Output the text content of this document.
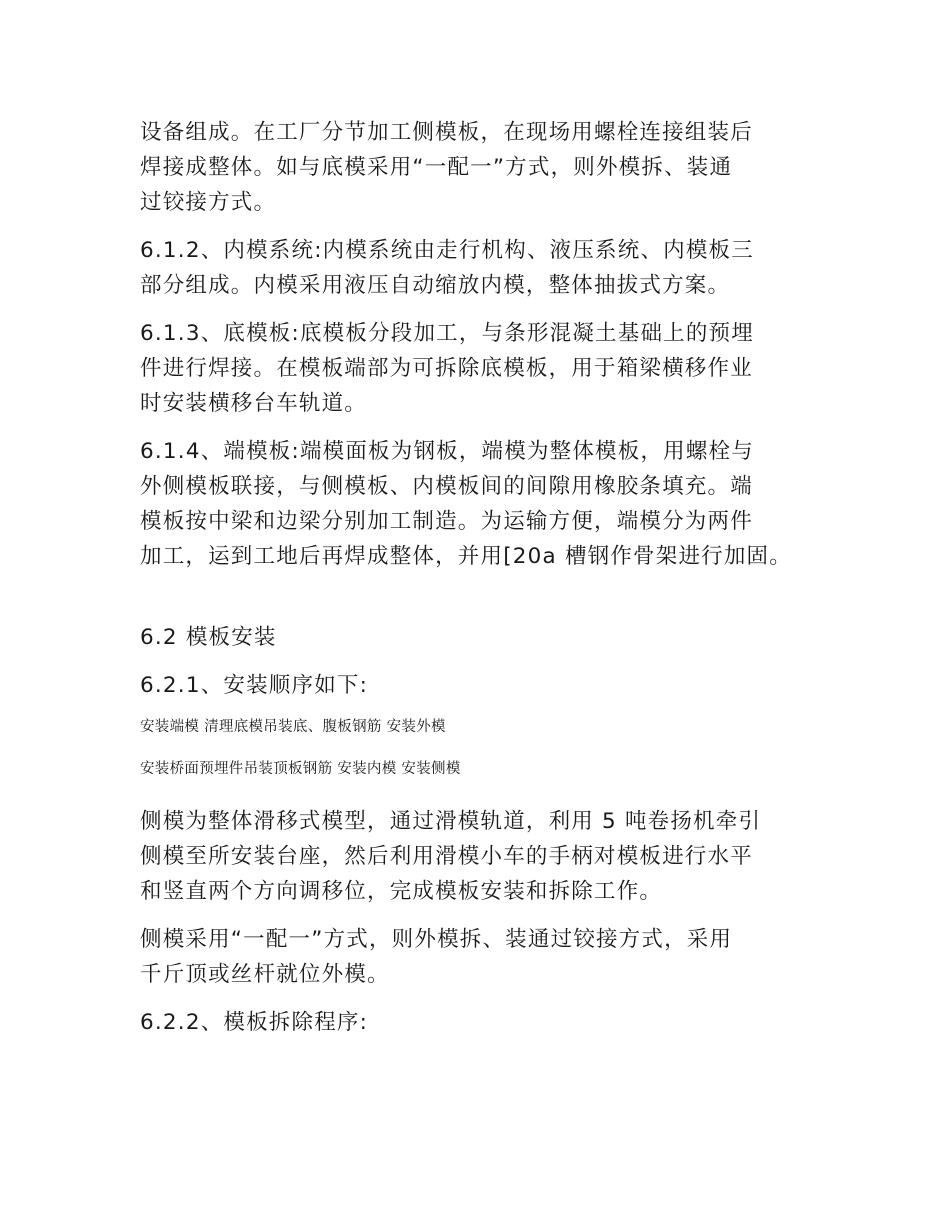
设备组成。在工厂分节加工侧模板，在现场用螺栓连接组装后
焊接成整体。如与底模采用“一配一”方式，则外模拆、装通
过铰接方式。
6.1.2、内模系统:内模系统由走行机构、液压系统、内模板三
部分组成。内模采用液压自动缩放内模，整体抽拔式方案。
6.1.3、底模板:底模板分段加工，与条形混凝土基础上的预埋
件进行焊接。在模板端部为可拆除底模板，用于箱梁横移作业
时安装横移台车轨道。
6.1.4、端模板:端模面板为钢板，端模为整体模板，用螺栓与
外侧模板联接，与侧模板、内模板间的间隙用橡胶条填充。端
模板按中梁和边梁分别加工制造。为运输方便，端模分为两件
加工，运到工地后再焊成整体，并用[20a 槽钢作骨架进行加固。
6.2 模板安装
6.2.1、安装顺序如下:
安装端模 清理底模吊装底、腹板钢筋 安装外模
安装桥面预埋件吊装顶板钢筋 安装内模 安装侧模
侧模为整体滑移式模型，通过滑模轨道，利用 5 吨卷扬机牵引
侧模至所安装台座，然后利用滑模小车的手柄对模板进行水平
和竖直两个方向调移位，完成模板安装和拆除工作。
侧模采用“一配一”方式，则外模拆、装通过铰接方式，采用
千斤顶或丝杆就位外模。
6.2.2、模板拆除程序:
